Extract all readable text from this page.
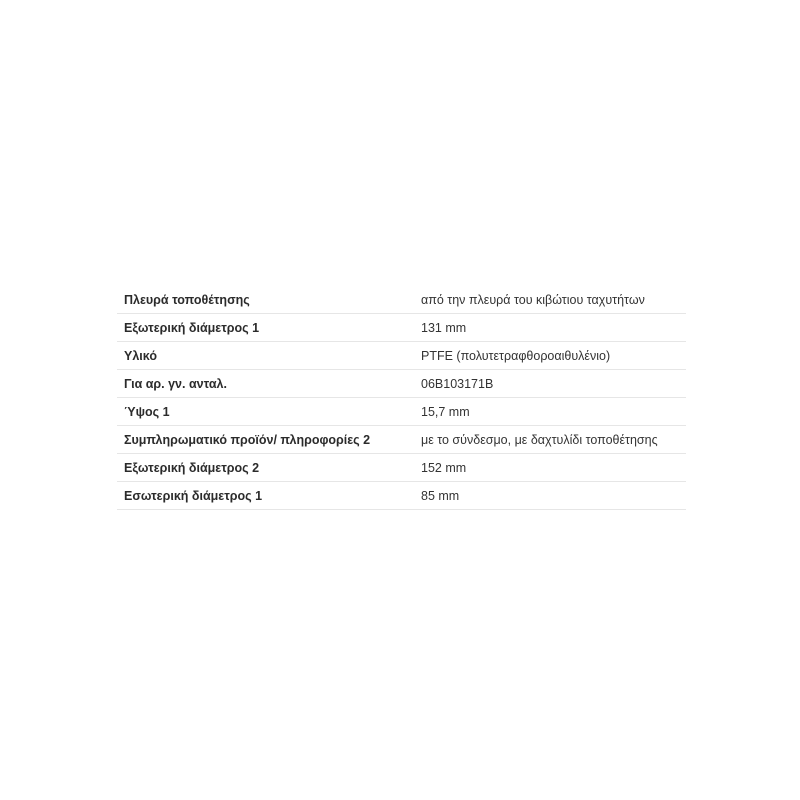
Πλευρά τοποθέτησης	από την πλευρά του κιβώτιου ταχυτήτων
Εξωτερική διάμετρος 1	131 mm
Υλικό	PTFE (πολυτετραφθοροαιθυλένιο)
Για αρ. γν. ανταλ.	06B103171B
Ύψος 1	15,7 mm
Συμπληρωματικό προϊόν/ πληροφορίες 2	με το σύνδεσμο, με δαχτυλίδι τοποθέτησης
Εξωτερική διάμετρος 2	152 mm
Εσωτερική διάμετρος 1	85 mm
